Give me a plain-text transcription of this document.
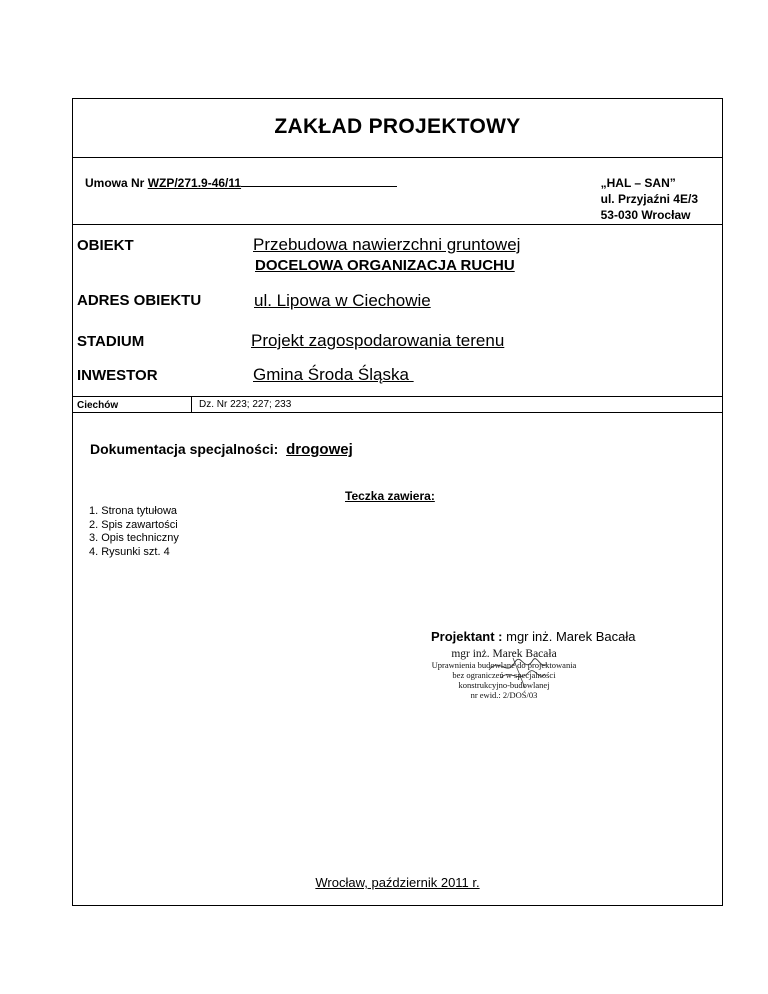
ZAKŁAD PROJEKTOWY
Umowa Nr WZP/271.9-46/11	„HAL – SAN”
ul. Przyjaźni 4E/3
53-030 Wrocław
OBIEKT	Przebudowa nawierzchni gruntowej
DOCELOWA ORGANIZACJA RUCHU
ADRES OBIEKTU	ul. Lipowa w Ciechowie
STADIUM	Projekt zagospodarowania terenu
INWESTOR	Gmina Środa Śląska
Ciechów	Dz. Nr 223; 227; 233
Dokumentacja specjalności:  drogowej
Teczka zawiera:
1. Strona tytułowa
2. Spis zawartości
3. Opis techniczny
4. Rysunki szt. 4
Projektant : mgr inż. Marek Bacała
mgr inż. Marek Bacała
Uprawnienia budowlane do projektowania
bez ograniczeń w specjalności
konstrukcyjno-budowlanej
nr ewid.: 2/DOŚ/03
Wrocław, październik 2011 r.
